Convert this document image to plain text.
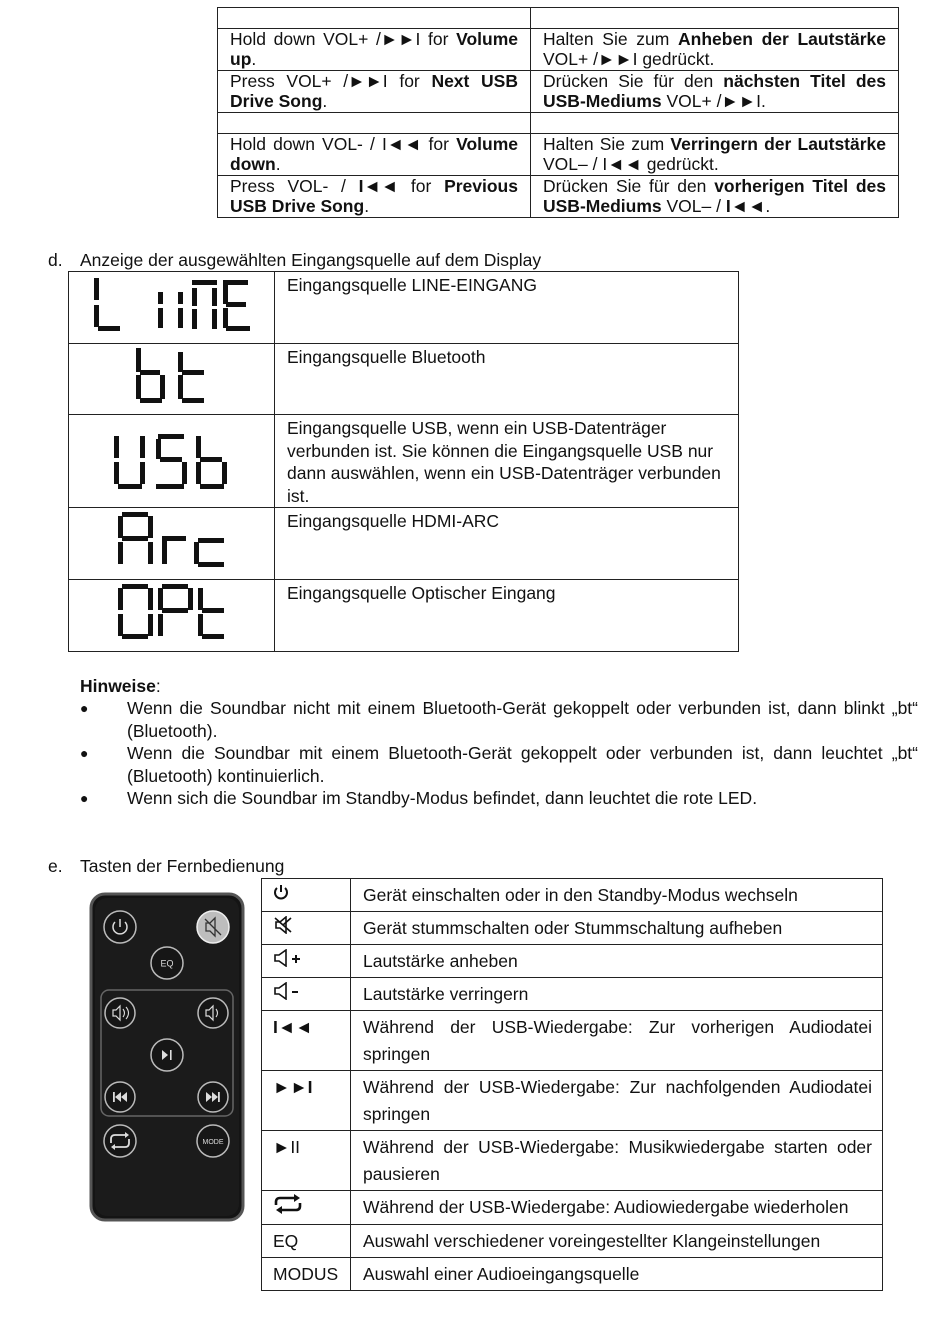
Hold down VOL+ /►►I for Volume up.	Halten Sie zum Anheben der Lautstärke VOL+ /►►I gedrückt.
Press VOL+ /►►I for Next USB Drive Song.	Drücken Sie für den nächsten Titel des USB-Mediums VOL+ /►►I.

Hold down VOL- / I◄◄ for Volume down.	Halten Sie zum Verringern der Lautstärke VOL– / I◄◄ gedrückt.
Press VOL- / I◄◄ for Previous USB Drive Song.	Drücken Sie für den vorherigen Titel des USB-Mediums VOL– / I◄◄.
d. Anzeige der ausgewählten Eingangsquelle auf dem Display
	Eingangsquelle LINE-EINGANG

	Eingangsquelle Bluetooth

	Eingangsquelle USB, wenn ein USB-Datenträger verbunden ist. Sie können die Eingangsquelle USB nur dann auswählen, wenn ein USB-Datenträger verbunden ist.

	Eingangsquelle HDMI-ARC

	Eingangsquelle Optischer Eingang
Hinweise:
● Wenn die Soundbar nicht mit einem Bluetooth-Gerät gekoppelt oder verbunden ist, dann blinkt „bt“ (Bluetooth).
● Wenn die Soundbar mit einem Bluetooth-Gerät gekoppelt oder verbunden ist, dann leuchtet „bt“ (Bluetooth) kontinuierlich.
● Wenn sich die Soundbar im Standby-Modus befindet, dann leuchtet die rote LED.
e. Tasten der Fernbedienung
EQ
MODE
	Gerät einschalten oder in den Standby-Modus wechseln
	Gerät stummschalten oder Stummschaltung aufheben
	Lautstärke anheben
	Lautstärke verringern
I◄◄	Während der USB-Wiedergabe: Zur vorherigen Audiodatei springen
►►I	Während der USB-Wiedergabe: Zur nachfolgenden Audiodatei springen
►II	Während der USB-Wiedergabe: Musikwiedergabe starten oder pausieren
	Während der USB-Wiedergabe: Audiowiedergabe wiederholen
EQ	Auswahl verschiedener voreingestellter Klangeinstellungen
MODUS	Auswahl einer Audioeingangsquelle
